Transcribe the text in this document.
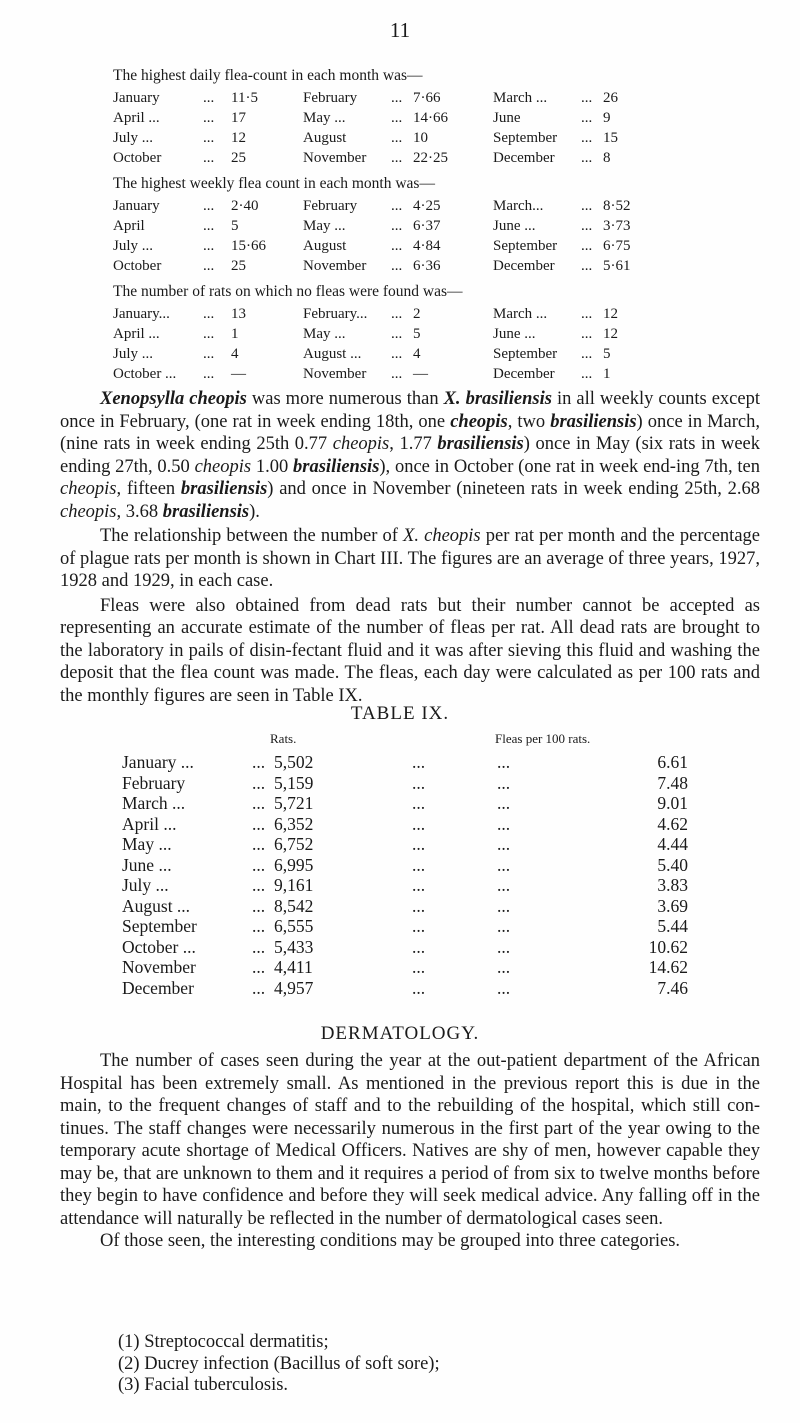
11
The highest daily flea-count in each month was—
January	... 11·5	February ... 7·66	March ... ... 26
April ...	... 17	May ...	... 14·66	June	... 9
July ...	... 12	August	... 10	September ... 15
October	... 25	November ... 22·25	December ... 8
The highest weekly flea count in each month was—
January	... 2·40	February ... 4·25	March...	... 8·52
April	... 5	May ...	... 6·37	June ...	... 3·73
July ...	... 15·66 August	... 4·84	September ... 6·75
October	... 25	November ... 6·36	December ... 5·61
The number of rats on which no fleas were found was—
January... ... 13	February... ... 2	March ... ... 12
April ...	... 1	May ...	... 5	June ...	... 12
July ...	... 4	August ... ... 4	September ... 5
October ... ... —	November ... —	December ... 1

Xenopsylla cheopis was more numerous than X. brasiliensis in all weekly counts except once in February, (one rat in week ending 18th, one cheopis, two brasiliensis) once in March, (nine rats in week ending 25th 0.77 cheopis, 1.77 brasiliensis) once in May (six rats in week ending 27th, 0.50 cheopis 1.00 brasiliensis), once in October (one rat in week end-ing 7th, ten cheopis, fifteen brasiliensis) and once in November (nineteen rats in week ending 25th, 2.68 cheopis, 3.68 brasiliensis).

The relationship between the number of X. cheopis per rat per month and the percentage of plague rats per month is shown in Chart III. The figures are an average of three years, 1927, 1928 and 1929, in each case.

Fleas were also obtained from dead rats but their number cannot be accepted as representing an accurate estimate of the number of fleas per rat. All dead rats are brought to the laboratory in pails of disin-fectant fluid and it was after sieving this fluid and washing the deposit that the flea count was made. The fleas, each day were calculated as per 100 rats and the monthly figures are seen in Table IX.

TABLE IX.
Rats.	Fleas per 100 rats.
January ...	... 5,502	...	...	6.61
February	... 5,159	...	...	7.48
March ...	... 5,721	...	...	9.01
April ...	... 6,352	...	...	4.62
May ...	... 6,752	...	...	4.44
June ...	... 6,995	...	...	5.40
July ...	... 9,161	...	...	3.83
August ...	... 8,542	...	...	3.69
September	... 6,555	...	...	5.44
October ...	... 5,433	...	...	10.62
November	... 4,411	...	...	14.62
December	... 4,957	...	...	7.46
DERMATOLOGY.

The number of cases seen during the year at the out-patient department of the African Hospital has been extremely small. As mentioned in the previous report this is due in the main, to the frequent changes of staff and to the rebuilding of the hospital, which still con-tinues. The staff changes were necessarily numerous in the first part of the year owing to the temporary acute shortage of Medical Officers. Natives are shy of men, however capable they may be, that are unknown to them and it requires a period of from six to twelve months before they begin to have confidence and before they will seek medical advice. Any falling off in the attendance will naturally be reflected in the number of dermatological cases seen.

Of those seen, the interesting conditions may be grouped into three categories.

(1) Streptococcal dermatitis;
(2) Ducrey infection (Bacillus of soft sore);
(3) Facial tuberculosis.
